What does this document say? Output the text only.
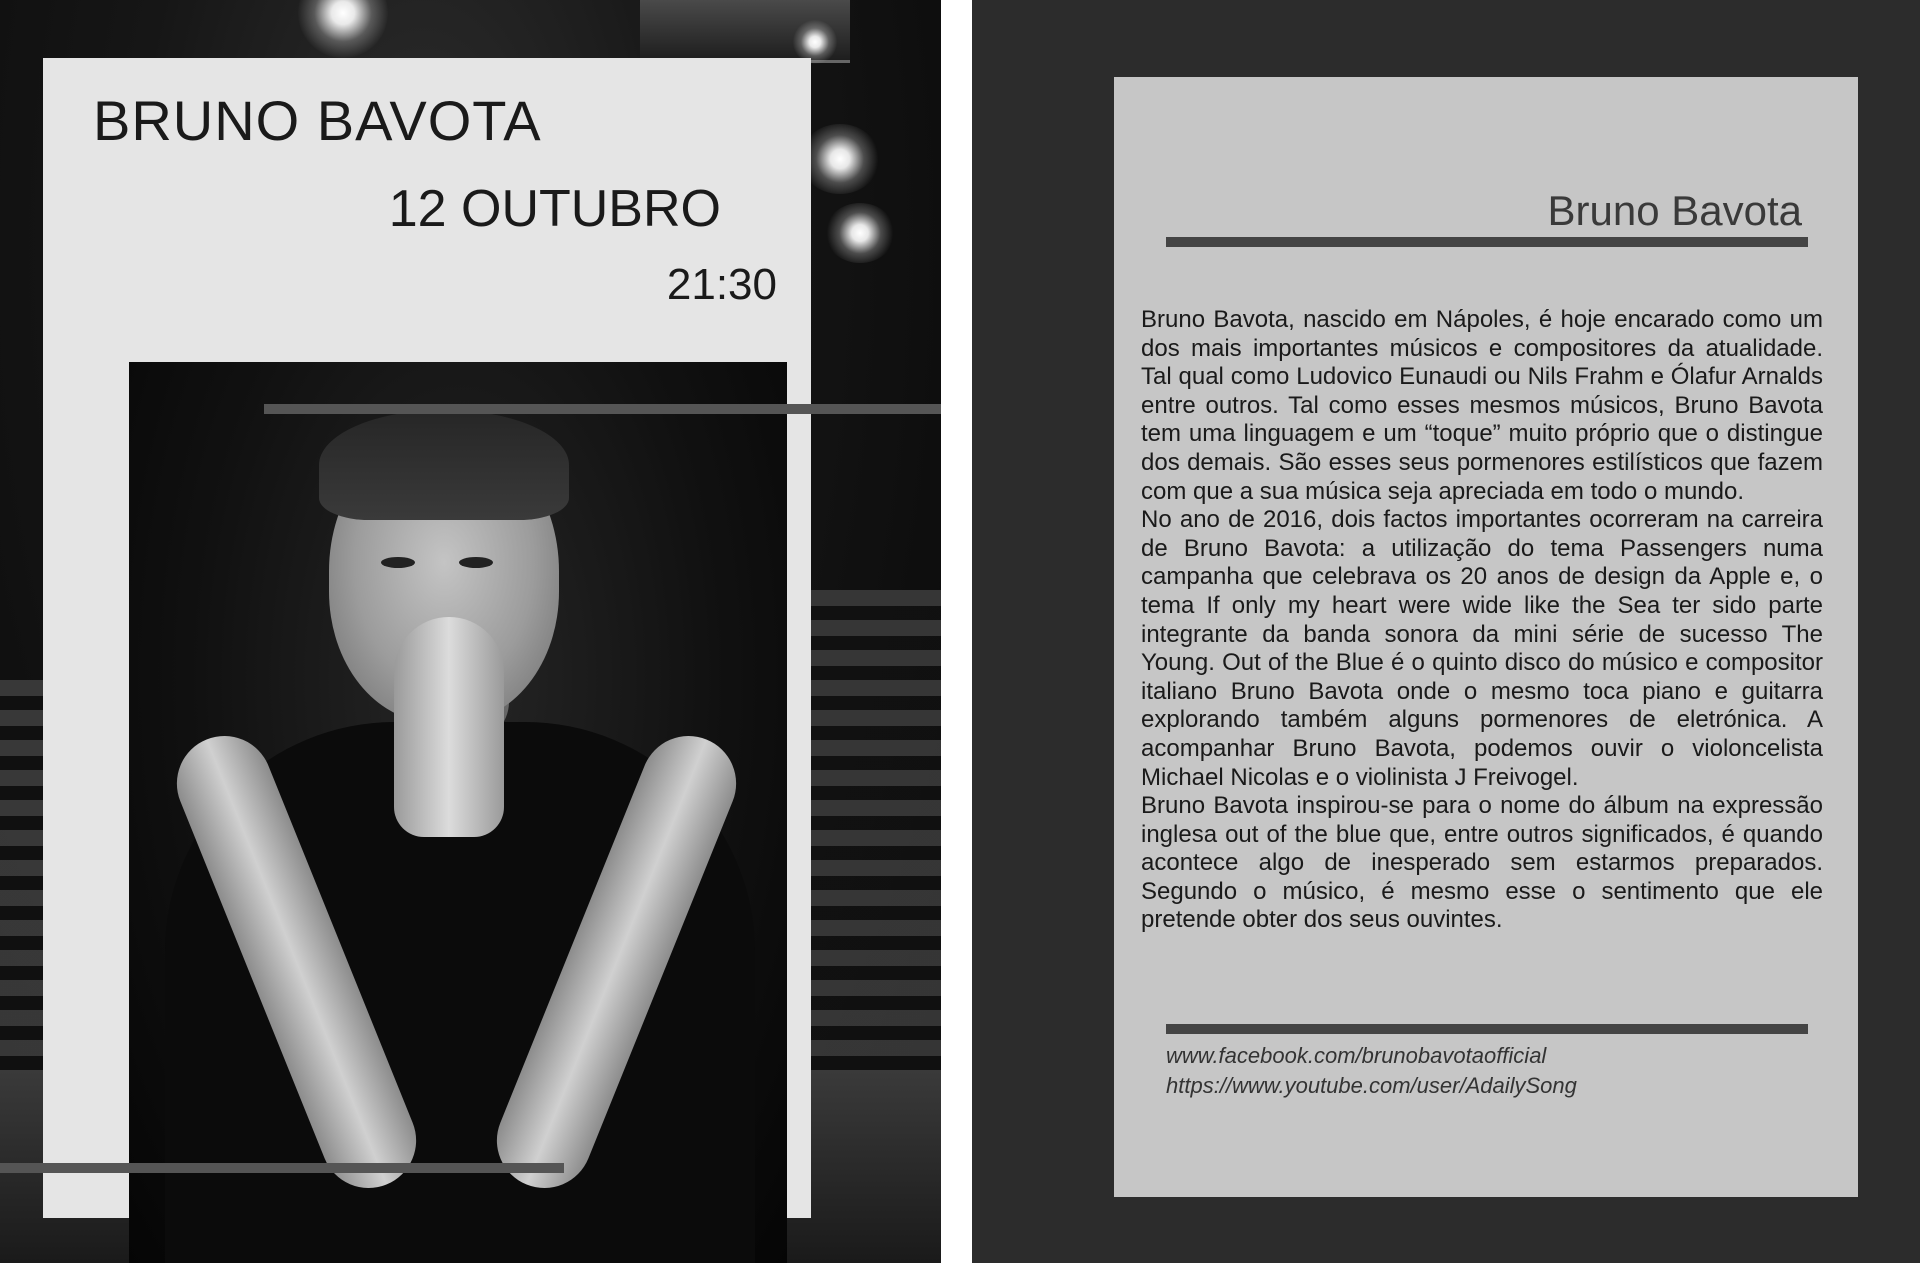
BRUNO BAVOTA
12 OUTUBRO
21:30
Bruno Bavota

Bruno Bavota, nascido em Nápoles, é hoje encarado como um dos mais importantes músicos e compositores da atualidade. Tal qual como Ludovico Eunaudi ou Nils Frahm e Ólafur Arnalds entre outros. Tal como esses mesmos músicos, Bruno Bavota tem uma linguagem e um “toque” muito próprio que o distingue dos demais. São esses seus pormenores estilísticos que fazem com que a sua música seja apreciada em todo o mundo.

No ano de 2016, dois factos importantes ocorreram na carreira de Bruno Bavota: a utilização do tema Passengers numa campanha que celebrava os 20 anos de design da Apple e, o tema If only my heart were wide like the Sea ter sido parte integrante da banda sonora da mini série de sucesso The Young. Out of the Blue é o quinto disco do músico e compositor italiano Bruno Bavota onde o mesmo toca piano e guitarra explorando também alguns pormenores de eletrónica. A acompanhar Bruno Bavota, podemos ouvir o violoncelista Michael Nicolas e o violinista J Freivogel.

Bruno Bavota inspirou-se para o nome do álbum na expressão inglesa out of the blue que, entre outros significados, é quando acontece algo de inesperado sem estarmos preparados. Segundo o músico, é mesmo esse o sentimento que ele pretende obter dos seus ouvintes.

www.facebook.com/brunobavotaofficial
https://www.youtube.com/user/AdailySong
